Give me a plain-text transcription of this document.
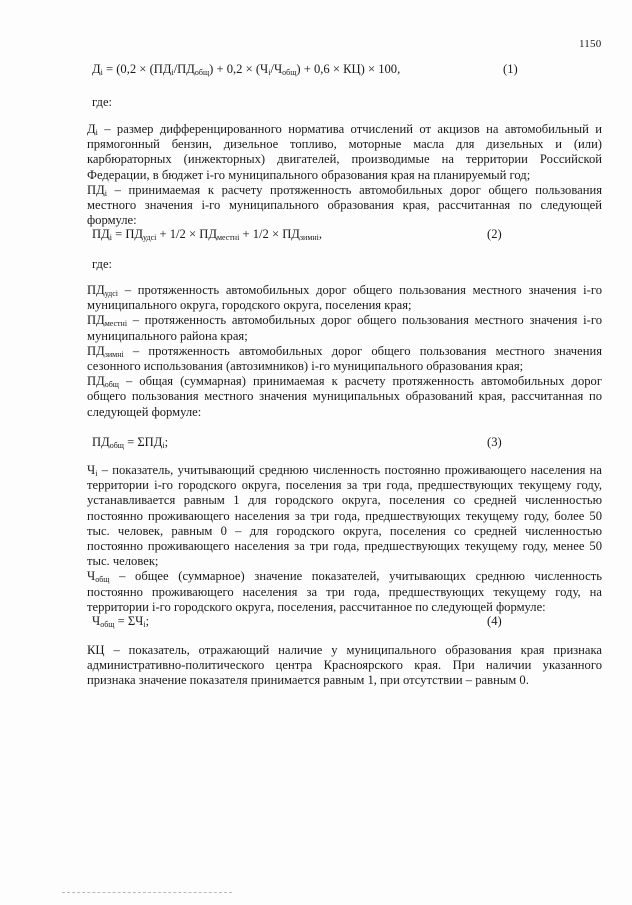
1150
$Д_i = (0,2 \times (ПД_i/ПД_{общ}) + 0,2 \times (Ч_i/Ч_{общ}) + 0,6 \times КЦ) \times 100$,	(1)
где:

$Д_i$ – размер дифференцированного норматива отчислений от акцизов на автомобильный и прямогонный бензин, дизельное топливо, моторные масла для дизельных и (или) карбюраторных (инжекторных) двигателей, производимые на территории Российской Федерации, в бюджет i-го муниципального образования края на планируемый год;

$ПД_i$ – принимаемая к расчету протяженность автомобильных дорог общего пользования местного значения i-го муниципального образования края, рассчитанная по следующей формуле:

$ПД_i = ПД_{удсi} + 1/2 \times ПД_{местнi} + 1/2 \times ПД_{зимнi}$,	(2)
где:

$ПД_{удсi}$ – протяженность автомобильных дорог общего пользования местного значения i-го муниципального округа, городского округа, поселения края;

$ПД_{местнi}$ – протяженность автомобильных дорог общего пользования местного значения i-го муниципального района края;

$ПД_{зимнi}$ – протяженность автомобильных дорог общего пользования местного значения сезонного использования (автозимников) i-го муниципального образования края;

$ПД_{общ}$ – общая (суммарная) принимаемая к расчету протяженность автомобильных дорог общего пользования местного значения муниципальных образований края, рассчитанная по следующей формуле:

$ПД_{общ} = \Sigma ПД_i$;	(3)

$Ч_i$ – показатель, учитывающий среднюю численность постоянно проживающего населения на территории i-го городского округа, поселения за три года, предшествующих текущему году, устанавливается равным 1 для городского округа, поселения со средней численностью постоянно проживающего населения за три года, предшествующих текущему году, более 50 тыс. человек, равным 0 – для городского округа, поселения со средней численностью постоянно проживающего населения за три года, предшествующих текущему году, менее 50 тыс. человек;

$Ч_{общ}$ – общее (суммарное) значение показателей, учитывающих среднюю численность постоянно проживающего населения за три года, предшествующих текущему году, на территории i-го городского округа, поселения, рассчитанное по следующей формуле:

$Ч_{общ} = \Sigma Ч_i$;	(4)

КЦ – показатель, отражающий наличие у муниципального образования края признака административно-политического центра Красноярского края. При наличии указанного признака значение показателя принимается равным 1, при отсутствии – равным 0.
